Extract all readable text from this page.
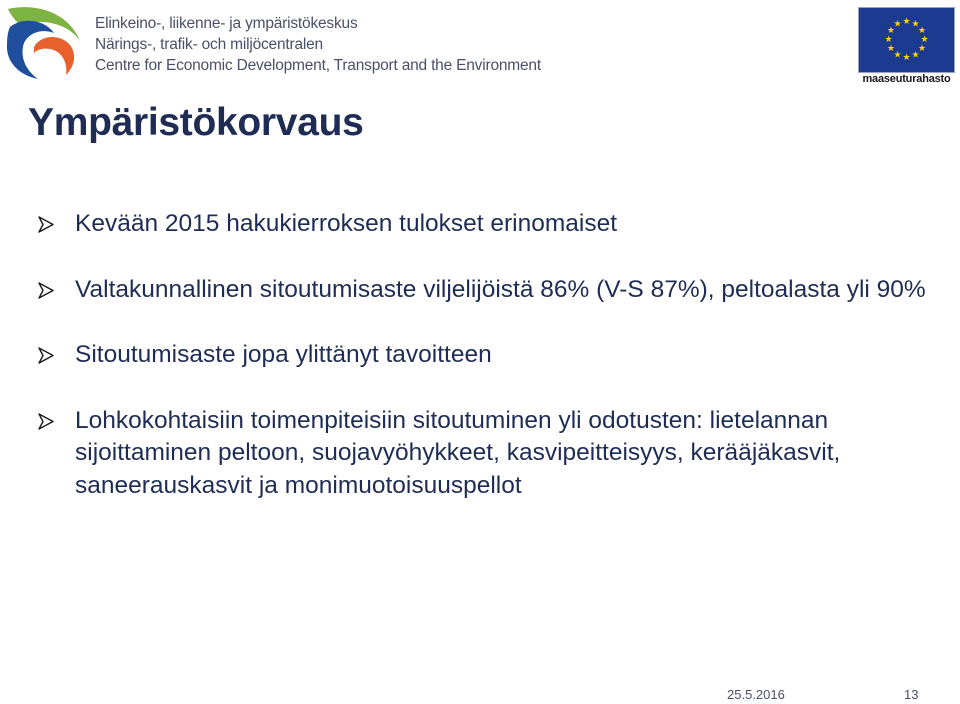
Elinkeino-, liikenne- ja ympäristökeskus
Närings-, trafik- och miljöcentralen
Centre for Economic Development, Transport and the Environment
★ ★
★
★
★
★
★
★
★
★
★
★
maaseuturahasto
Ympäristökorvaus
Kevään 2015 hakukierroksen tulokset erinomaiset
Valtakunnallinen sitoutumisaste viljelijöistä 86% (V-S 87%), peltoalasta yli 90%
Sitoutumisaste jopa ylittänyt tavoitteen
Lohkokohtaisiin toimenpiteisiin sitoutuminen yli odotusten: lietelannan sijoittaminen peltoon, suojavyöhykkeet, kasvipeitteisyys, kerääjäkasvit, saneerauskasvit ja monimuotoisuuspellot
25.5.2016	13
